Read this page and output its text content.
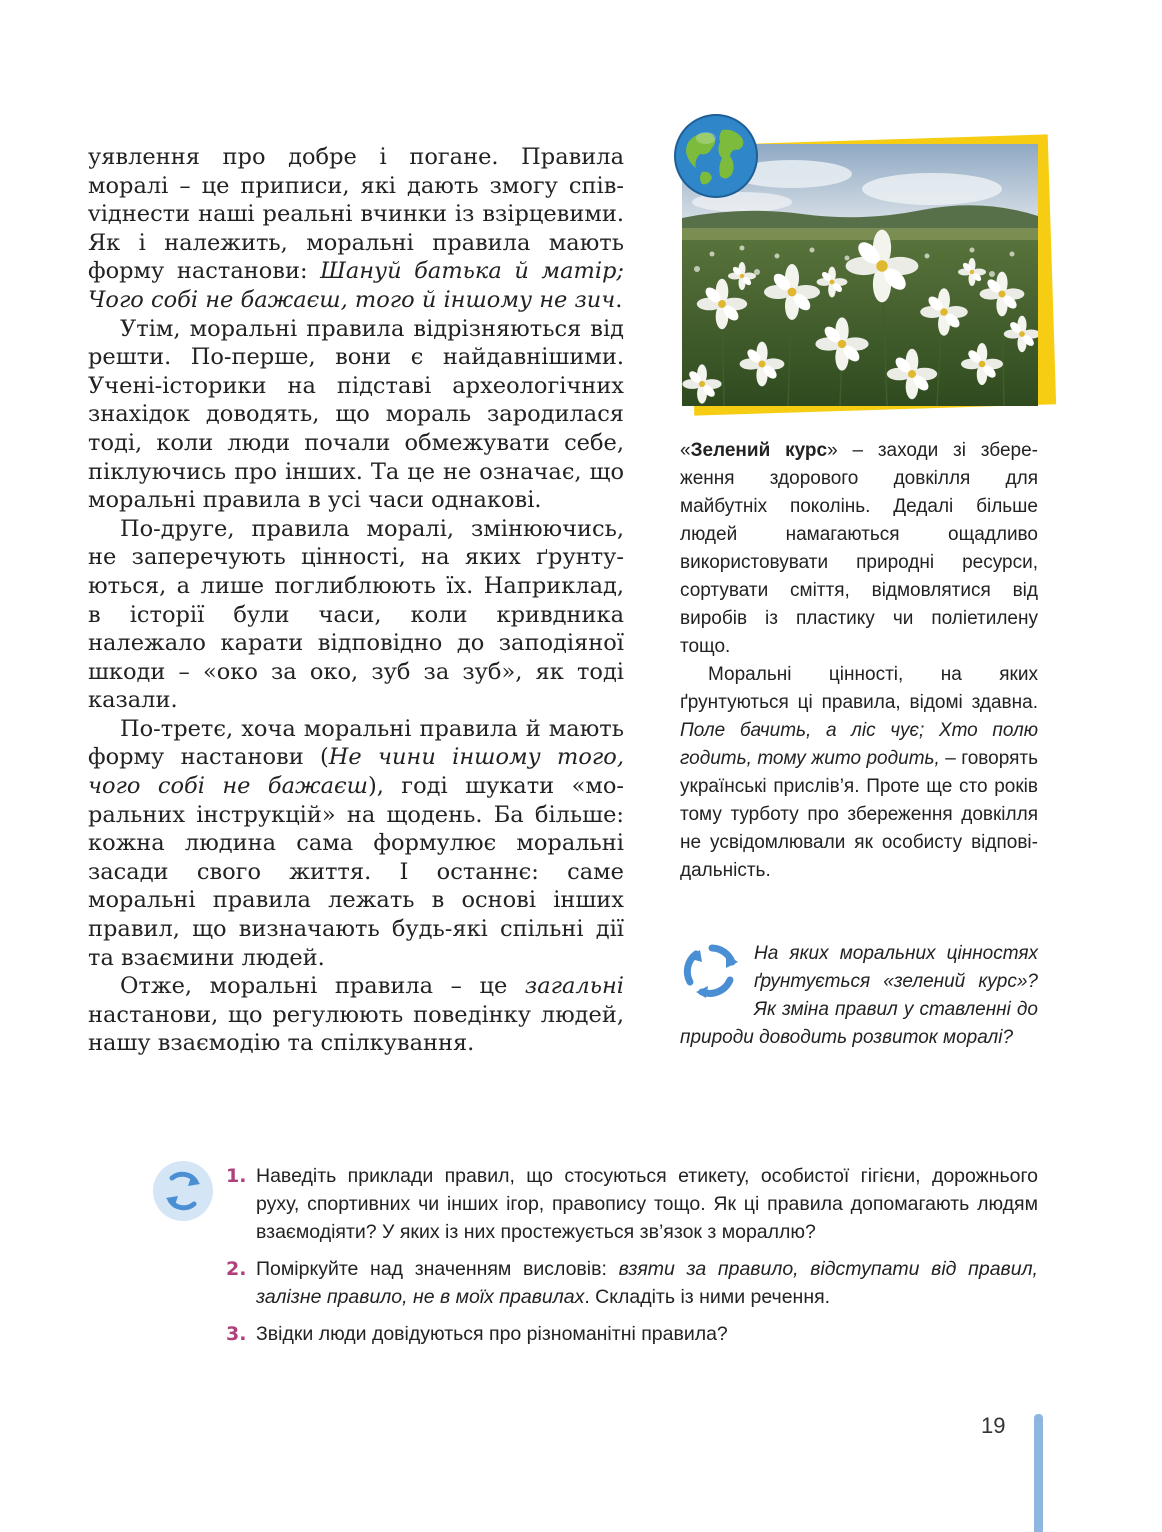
уявлення про добре і погане. Правила моралі – це приписи, які дають змогу співvіднести наші реальні вчинки із взірцевими. Як і належить, моральні правила мають форму настанови: Шануй батька й матір; Чого собі не бажаєш, того й іншому не зич.

Утім, моральні правила відрізняються від решти. По-перше, вони є найдавнішими. Учені-історики на підставі археологічних знахідок доводять, що мораль зародилася тоді, коли люди почали обмежувати себе, піклуючись про інших. Та це не означає, що моральні правила в усі часи однакові.

По-друге, правила моралі, змінюючись, не заперечують цінності, на яких ґрунтуються, а лише поглиблюють їх. Наприклад, в історії були часи, коли кривдника належало карати відповідно до заподіяної шкоди – «око за око, зуб за зуб», як тоді казали.

По-третє, хоча моральні правила й мають форму настанови (Не чини іншому того, чого собі не бажаєш), годі шукати «моральних інструкцій» на щодень. Ба більше: кожна людина сама формулює моральні засади свого життя. І останнє: саме моральні правила лежать в основі інших правил, що визначають будь-які спільні дії та взаємини людей.

Отже, моральні правила – це загальні настанови, що регулюють поведінку людей, нашу взаємодію та спілкування.

«Зелений курс» – заходи зі збереження здорового довкілля для майбутніх поколінь. Дедалі більше людей намагаються ощадливо використовувати природні ресурси, сортувати сміття, відмовлятися від виробів із пластику чи поліетилену тощо.

Моральні цінності, на яких ґрунтуються ці правила, відомі здавна. Поле бачить, а ліс чує; Хто полю годить, тому жито родить, – говорять українські прислів’я. Проте ще сто років тому турботу про збереження довкілля не усвідомлювали як особисту відповідальність.

На яких моральних цінностях ґрунтується «зелений курс»? Як зміна правил у ставленні до природи доводить розвиток моралі?
1. Наведіть приклади правил, що стосуються етикету, особистої гігієни, дорожнього руху, спортивних чи інших ігор, правопису тощо. Як ці правила допомагають людям взаємодіяти? У яких із них простежується зв’язок з мораллю?
2. Поміркуйте над значенням висловів: взяти за правило, відступати від правил, залізне правило, не в моїх правилах. Складіть із ними речення.
3. Звідки люди довідуються про різноманітні правила?
19
